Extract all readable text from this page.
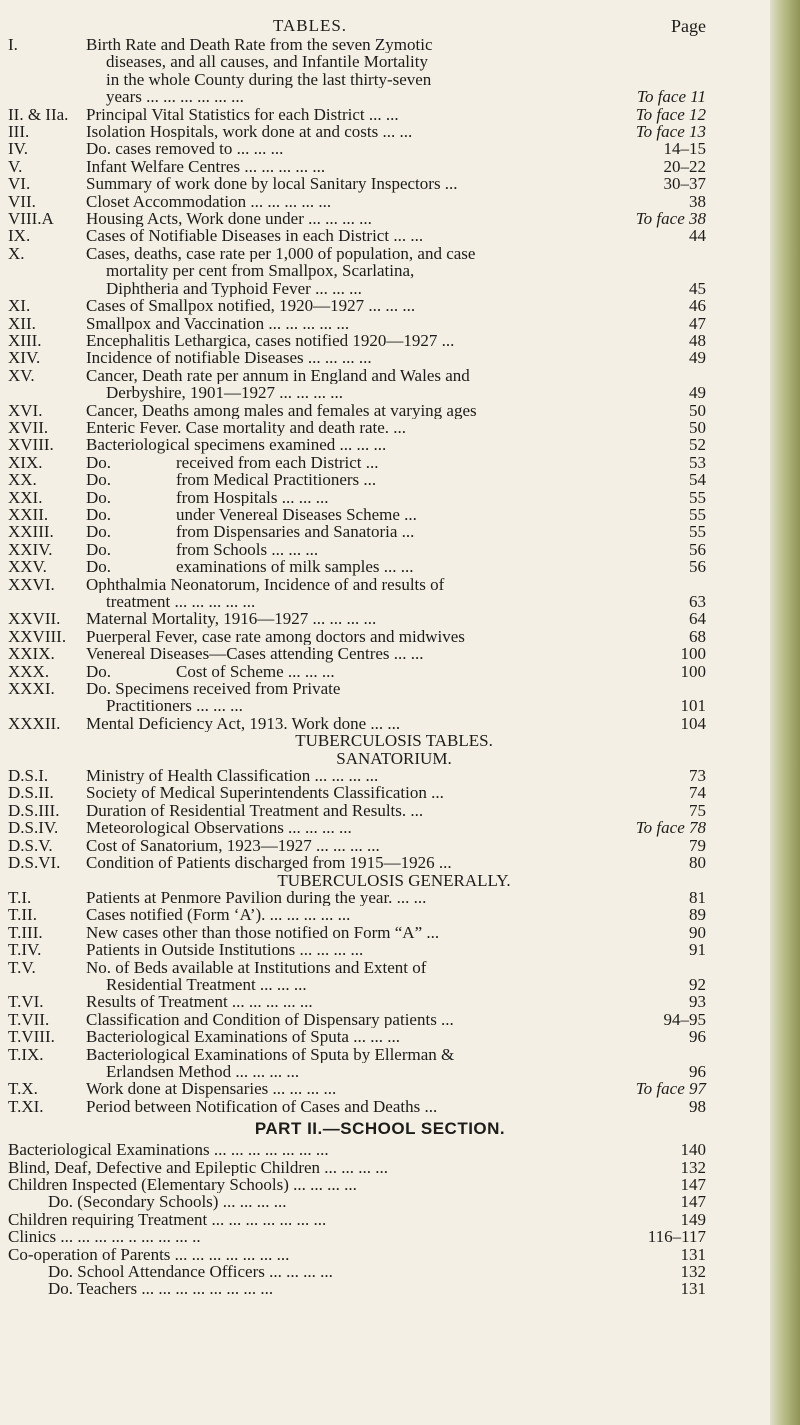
TABLES.	Page
I.	Birth Rate and Death Rate from the seven Zymotic
diseases, and all causes, and Infantile Mortality
in the whole County during the last thirty-seven
years ... ... ... ... ... ...	To face 11
II. & IIa.	Principal Vital Statistics for each District ... ...	To face 12
III.	Isolation Hospitals, work done at and costs ... ...	To face 13
IV.	Do. cases removed to ... ... ...	14–15
V.	Infant Welfare Centres ... ... ... ... ...	20–22
VI.	Summary of work done by local Sanitary Inspectors ...	30–37
VII.	Closet Accommodation ... ... ... ... ...	38
VIII.A	Housing Acts, Work done under ... ... ... ...	To face 38
IX.	Cases of Notifiable Diseases in each District ... ...	44
X.	Cases, deaths, case rate per 1,000 of population, and case
mortality per cent from Smallpox, Scarlatina,
Diphtheria and Typhoid Fever ... ... ...	45
XI.	Cases of Smallpox notified, 1920—1927 ... ... ...	46
XII.	Smallpox and Vaccination ... ... ... ... ...	47
XIII.	Encephalitis Lethargica, cases notified 1920—1927 ...	48
XIV.	Incidence of notifiable Diseases ... ... ... ...	49
XV.	Cancer, Death rate per annum in England and Wales and
Derbyshire, 1901—1927 ... ... ... ...	49
XVI.	Cancer, Deaths among males and females at varying ages	50
XVII.	Enteric Fever. Case mortality and death rate. ...	50
XVIII.	Bacteriological specimens examined ... ... ...	52
XIX.	Do.	received from each District ...	53
XX.	Do.	from Medical Practitioners ...	54
XXI.	Do.	from Hospitals ... ... ...	55
XXII.	Do.	under Venereal Diseases Scheme ...	55
XXIII.	Do.	from Dispensaries and Sanatoria ...	55
XXIV.	Do.	from Schools ... ... ...	56
XXV.	Do.	examinations of milk samples ... ...	56
XXVI.	Ophthalmia Neonatorum, Incidence of and results of
treatment ... ... ... ... ...	63
XXVII.	Maternal Mortality, 1916—1927 ... ... ... ...	64
XXVIII.	Puerperal Fever, case rate among doctors and midwives	68
XXIX.	Venereal Diseases—Cases attending Centres ... ...	100
XXX.	Do.	Cost of Scheme ... ... ...	100
XXXI.	Do. Specimens received from Private
Practitioners ... ... ...	101
XXXII.	Mental Deficiency Act, 1913. Work done ... ...	104
TUBERCULOSIS TABLES.
SANATORIUM.
D.S.I.	Ministry of Health Classification ... ... ... ...	73
D.S.II.	Society of Medical Superintendents Classification ...	74
D.S.III.	Duration of Residential Treatment and Results. ...	75
D.S.IV.	Meteorological Observations ... ... ... ...	To face 78
D.S.V.	Cost of Sanatorium, 1923—1927 ... ... ... ...	79
D.S.VI.	Condition of Patients discharged from 1915—1926 ...	80
TUBERCULOSIS GENERALLY.
T.I.	Patients at Penmore Pavilion during the year. ... ...	81
T.II.	Cases notified (Form ‘A’). ... ... ... ... ...	89
T.III.	New cases other than those notified on Form “A” ...	90
T.IV.	Patients in Outside Institutions ... ... ... ...	91
T.V.	No. of Beds available at Institutions and Extent of
Residential Treatment ... ... ...	92
T.VI.	Results of Treatment ... ... ... ... ...	93
T.VII.	Classification and Condition of Dispensary patients ...	94–95
T.VIII.	Bacteriological Examinations of Sputa ... ... ...	96
T.IX.	Bacteriological Examinations of Sputa by Ellerman &
Erlandsen Method ... ... ... ...	96
T.X.	Work done at Dispensaries ... ... ... ...	To face 97
T.XI.	Period between Notification of Cases and Deaths ...	98
PART II.—SCHOOL SECTION.
Bacteriological Examinations ... ... ... ... ... ... ...	140
Blind, Deaf, Defective and Epileptic Children ... ... ... ...	132
Children Inspected (Elementary Schools) ... ... ... ...	147
Do. (Secondary Schools) ... ... ... ...	147
Children requiring Treatment ... ... ... ... ... ... ...	149
Clinics ... ... ... ... .. ... ... ... ..	116–117
Co-operation of Parents ... ... ... ... ... ... ...	131
Do. School Attendance Officers ... ... ... ...	132
Do. Teachers ... ... ... ... ... ... ... ...	131
